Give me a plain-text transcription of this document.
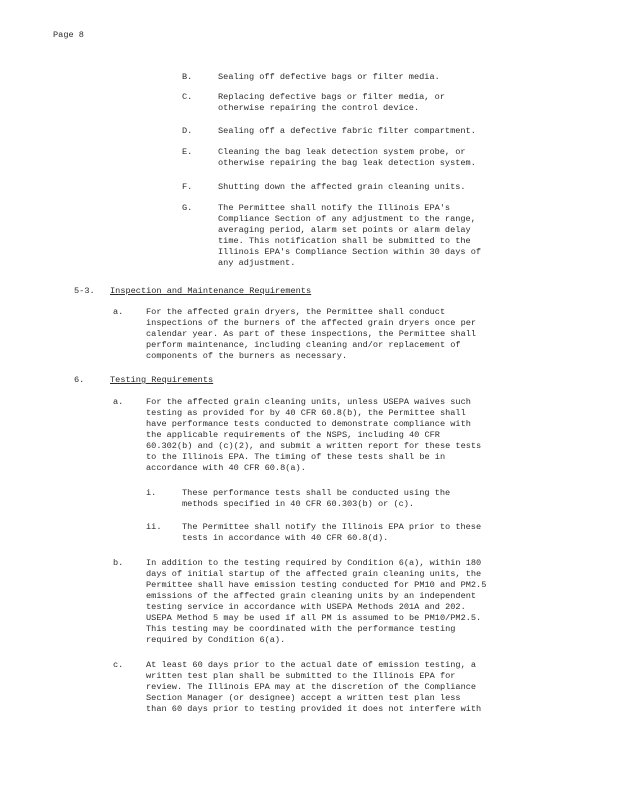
Page 8
B.	Sealing off defective bags or filter media.
C.	Replacing defective bags or filter media, or
otherwise repairing the control device.
D.	Sealing off a defective fabric filter compartment.
E.	Cleaning the bag leak detection system probe, or
otherwise repairing the bag leak detection system.
F.	Shutting down the affected grain cleaning units.
G.	The Permittee shall notify the Illinois EPA's
Compliance Section of any adjustment to the range,
averaging period, alarm set points or alarm delay
time. This notification shall be submitted to the
Illinois EPA's Compliance Section within 30 days of
any adjustment.
5-3. Inspection and Maintenance Requirements
a.	For the affected grain dryers, the Permittee shall conduct
inspections of the burners of the affected grain dryers once per
calendar year. As part of these inspections, the Permittee shall
perform maintenance, including cleaning and/or replacement of
components of the burners as necessary.
6.	Testing Requirements
a.	For the affected grain cleaning units, unless USEPA waives such
testing as provided for by 40 CFR 60.8(b), the Permittee shall
have performance tests conducted to demonstrate compliance with
the applicable requirements of the NSPS, including 40 CFR
60.302(b) and (c)(2), and submit a written report for these tests
to the Illinois EPA. The timing of these tests shall be in
accordance with 40 CFR 60.8(a).
i.	These performance tests shall be conducted using the
methods specified in 40 CFR 60.303(b) or (c).
ii. The Permittee shall notify the Illinois EPA prior to these
tests in accordance with 40 CFR 60.8(d).
b.	In addition to the testing required by Condition 6(a), within 180
days of initial startup of the affected grain cleaning units, the
Permittee shall have emission testing conducted for PM10 and PM2.5
emissions of the affected grain cleaning units by an independent
testing service in accordance with USEPA Methods 201A and 202.
USEPA Method 5 may be used if all PM is assumed to be PM10/PM2.5.
This testing may be coordinated with the performance testing
required by Condition 6(a).
c.	At least 60 days prior to the actual date of emission testing, a
written test plan shall be submitted to the Illinois EPA for
review. The Illinois EPA may at the discretion of the Compliance
Section Manager (or designee) accept a written test plan less
than 60 days prior to testing provided it does not interfere with
